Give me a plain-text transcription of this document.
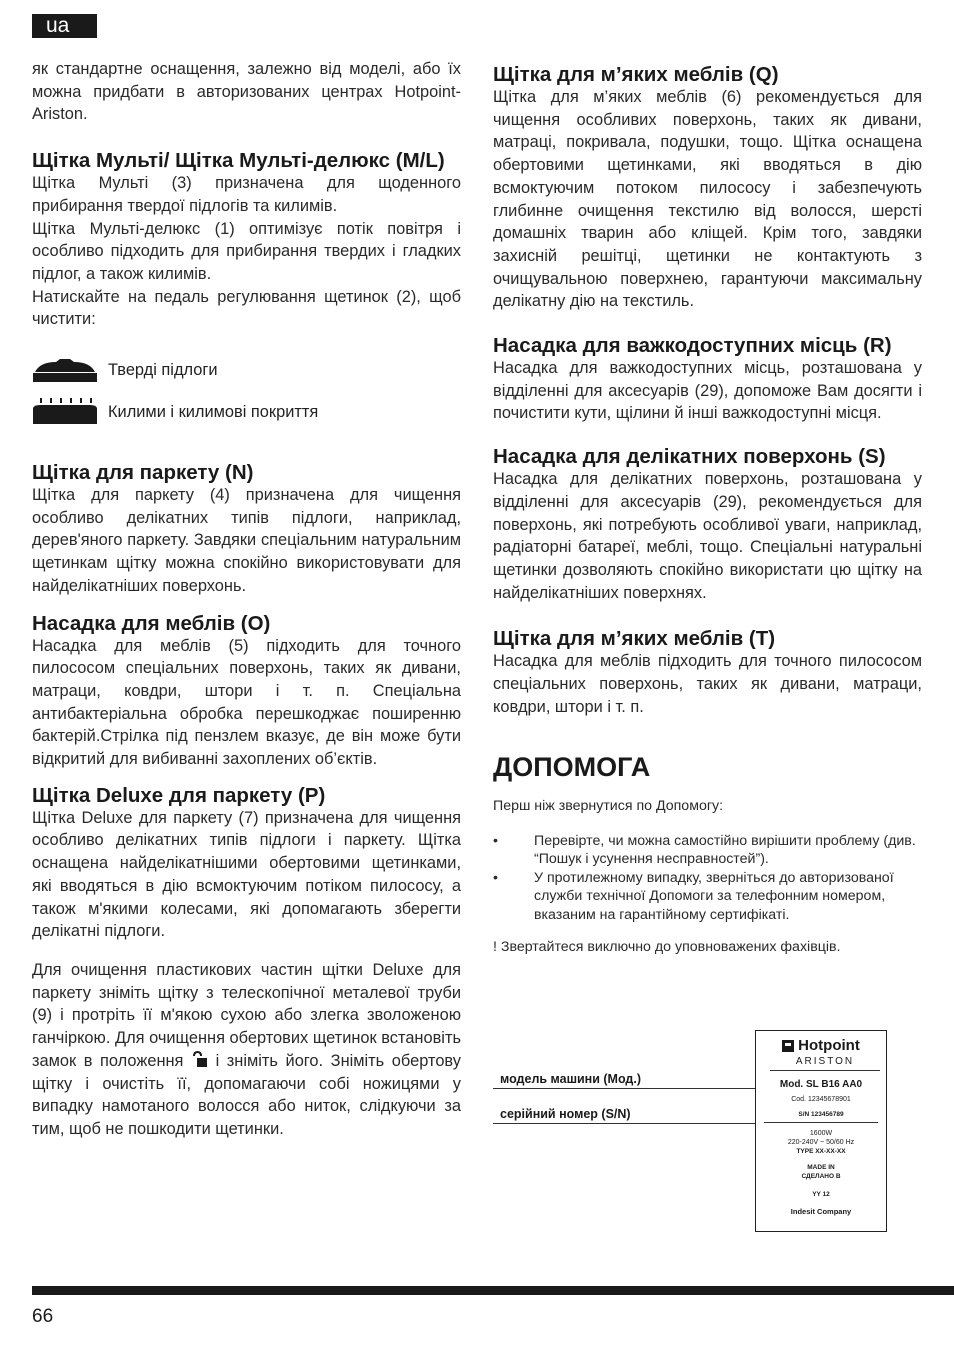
ua

як стандартне оснащення, залежно від моделі, або їх можна придбати в авторизованих центрах Hotpoint-Ariston.

Щітка Мульті/ Щітка Мульті-делюкс (M/L)

Щітка Мульті (3) призначена для щоденного прибирання твердої підлогів та килимів.

Щітка Мульті-делюкс (1) оптимізує потік повітря і особливо підходить для прибирання твердих і гладких підлог, а також килимів.

Натискайте на педаль регулювання щетинок (2), щоб чистити:

Тверді підлоги
Килими і килимові покриття
Щітка для паркету (N)

Щітка для паркету (4) призначена для чищення особливо делікатних типів підлоги, наприклад, дерев'яного паркету. Завдяки спеціальним натуральним щетинкам щітку можна спокійно використовувати для найделікатніших поверхонь.

Насадка для меблів (O)

Насадка для меблів (5) підходить для точного пилососом спеціальних поверхонь, таких як дивани, матраци, ковдри, штори і т. п. Спеціальна антибактеріальна обробка перешкоджає поширенню бактерій.Стрілка під пензлем вказує, де він може бути відкритий для вибиванні захоплених об’єктів.

Щітка Deluxe для паркету (P)

Щітка Deluxe для паркету (7) призначена для чищення особливо делікатних типів підлоги і паркету. Щітка оснащена найделікатнішими обертовими щетинками, які вводяться в дію всмоктуючим потіком пилососу, а також м'якими колесами, які допомагають зберегти делікатні підлоги.

Для очищення пластикових частин щітки Deluxe для паркету зніміть щітку з телескопічної металевої труби (9) і протріть її м'якою сухою або злегка зволоженою ганчіркою. Для очищення обертових щетинок встановіть замок в положення і зніміть його. Зніміть обертову щітку і очистіть її, допомагаючи собі ножицями у випадку намотаного волосся або ниток, слідкуючи за тим, щоб не пошкодити щетинки.

Щітка для м’яких меблів (Q)

Щітка для м’яких меблів (6) рекомендується для чищення особливих поверхонь, таких як дивани, матраці, покривала, подушки, тощо. Щітка оснащена обертовими щетинками, які вводяться в дію всмоктуючим потоком пилососу і забезпечують глибинне очищення текстилю від волосся, шерсті домашніх тварин або кліщей. Крім того, завдяки захисній решітці, щетинки не контактують з очищувальною поверхнею, гарантуючи максимальну делікатну дію на текстиль.

Насадка для важкодоступних місць (R)

Насадка для важкодоступних місць, розташована у відділенні для аксесуарів (29), допоможе Вам досягти і почистити кути, щілини й інші важкодоступні місця.

Насадка для делікатних поверхонь (S)

Насадка для делікатних поверхонь, розташована у відділенні для аксесуарів (29), рекомендується для поверхонь, які потребують особливої уваги, наприклад, радіаторні батареї, меблі, тощо. Спеціальні натуральні щетинки дозволяють спокійно використати цю щітку на найделікатніших поверхнях.

Щітка для м’яких меблів (T)

Насадка для меблів підходить для точного пилососом спеціальних поверхонь, таких як дивани, матраци, ковдри, штори і т. п.

ДОПОМОГА

Перш ніж звернутися по Допомогу:

•	Перевірте, чи можна самостійно вирішити проблему (див. “Пошук і усунення несправностей”).
•	У протилежному випадку, зверніться до авторизованої служби технічної Допомоги за телефонним номером, вказаним на гарантійному сертифікаті.

! Звертайтеся виключно до уповноважених фахівців.

модель машини (Мод.)
серійний номер (S/N)
Hotpoint
ARISTON
Mod. SL B16 AA0
Cod. 12345678901
S/N 123456789
1600W
220-240V ~ 50/60 Hz
TYPE XX-XX-XX
MADE IN
СДЕЛАНО В
YY 12
Indesit Company
66
